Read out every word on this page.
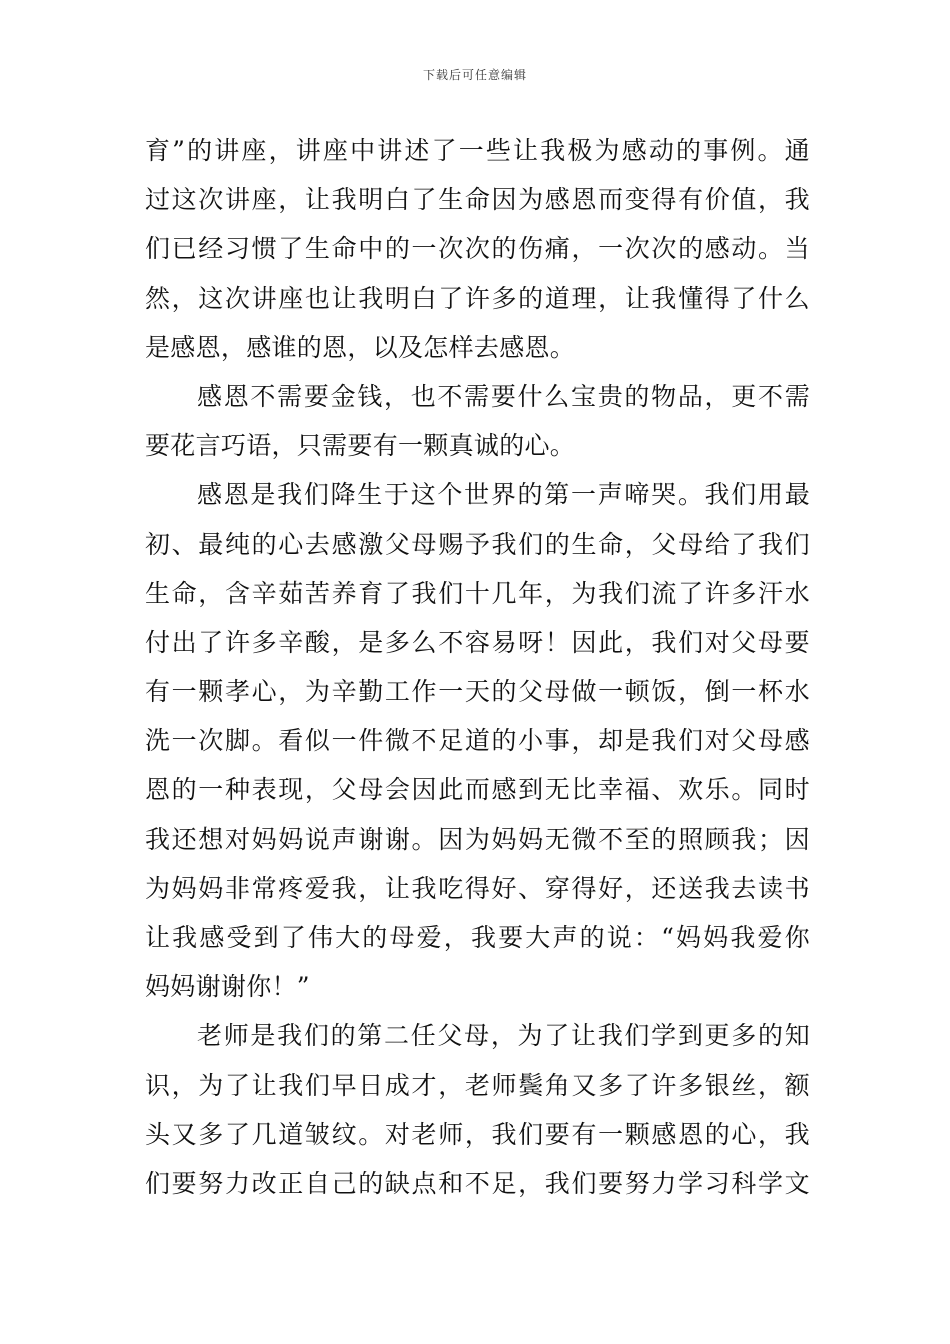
下载后可任意编辑
育”的讲座，讲座中讲述了一些让我极为感动的事例。通
过这次讲座，让我明白了生命因为感恩而变得有价值，我
们已经习惯了生命中的一次次的伤痛，一次次的感动。当
然，这次讲座也让我明白了许多的道理，让我懂得了什么
是感恩，感谁的恩，以及怎样去感恩。
感恩不需要金钱，也不需要什么宝贵的物品，更不需
要花言巧语，只需要有一颗真诚的心。
感恩是我们降生于这个世界的第一声啼哭。我们用最
初、最纯的心去感激父母赐予我们的生命，父母给了我们
生命，含辛茹苦养育了我们十几年，为我们流了许多汗水
付出了许多辛酸，是多么不容易呀！因此，我们对父母要
有一颗孝心，为辛勤工作一天的父母做一顿饭，倒一杯水
洗一次脚。看似一件微不足道的小事，却是我们对父母感
恩的一种表现，父母会因此而感到无比幸福、欢乐。同时
我还想对妈妈说声谢谢。因为妈妈无微不至的照顾我；因
为妈妈非常疼爱我，让我吃得好、穿得好，还送我去读书
让我感受到了伟大的母爱，我要大声的说：“妈妈我爱你
妈妈谢谢你！”
老师是我们的第二任父母，为了让我们学到更多的知
识，为了让我们早日成才，老师鬓角又多了许多银丝，额
头又多了几道皱纹。对老师，我们要有一颗感恩的心，我
们要努力改正自己的缺点和不足，我们要努力学习科学文
